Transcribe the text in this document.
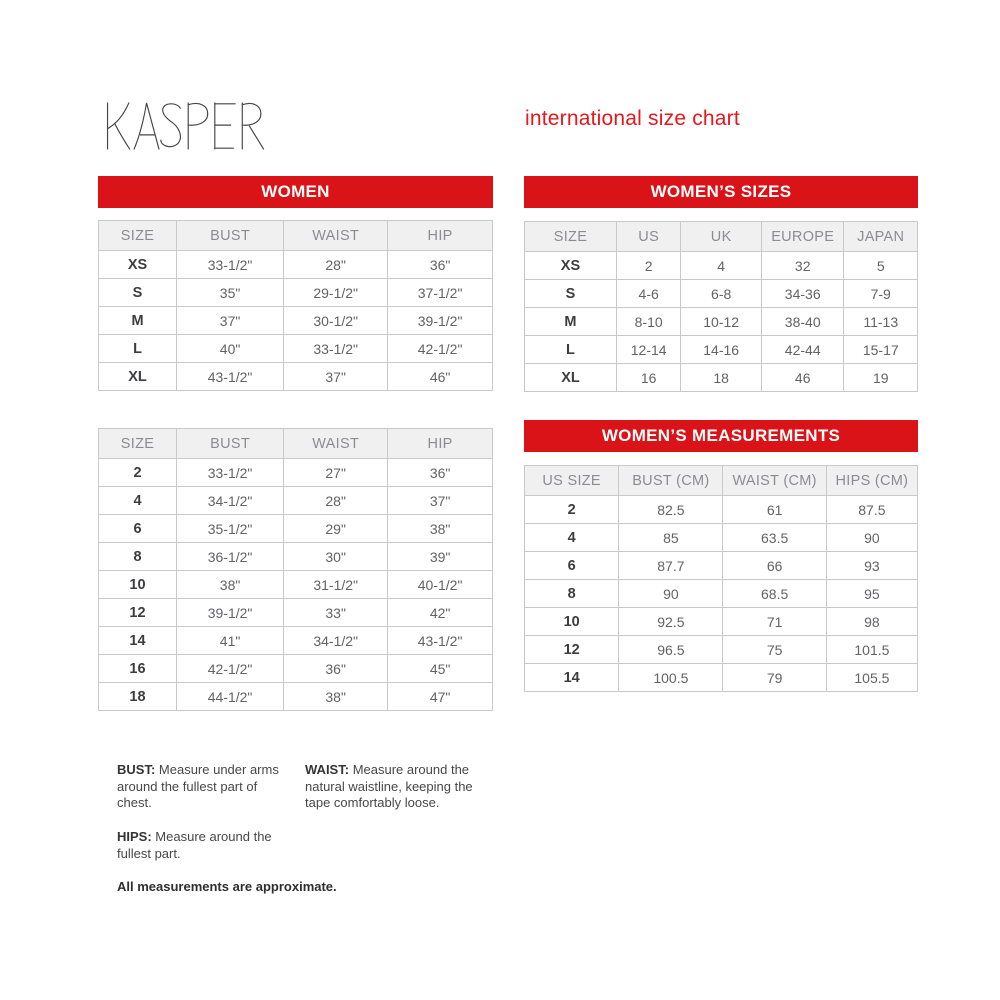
international size chart
WOMEN
SIZE	BUST	WAIST	HIP
XS	33-1/2"	28"	36"
S	35"	29-1/2"	37-1/2"
M	37"	30-1/2"	39-1/2"
L	40"	33-1/2"	42-1/2"
XL	43-1/2"	37"	46"
SIZE	BUST	WAIST	HIP
2	33-1/2"	27"	36"
4	34-1/2"	28"	37"
6	35-1/2"	29"	38"
8	36-1/2"	30"	39"
10	38"	31-1/2"	40-1/2"
12	39-1/2"	33"	42"
14	41"	34-1/2"	43-1/2"
16	42-1/2"	36"	45"
18	44-1/2"	38"	47"
WOMEN’S SIZES
SIZE	US	UK	EUROPE	JAPAN
XS	2	4	32	5
S	4-6	6-8	34-36	7-9
M	8-10	10-12	38-40	11-13
L	12-14	14-16	42-44	15-17
XL	16	18	46	19
WOMEN’S MEASUREMENTS
US SIZE	BUST (CM)	WAIST (CM)	HIPS (CM)
2	82.5	61	87.5
4	85	63.5	90
6	87.7	66	93
8	90	68.5	95
10	92.5	71	98
12	96.5	75	101.5
14	100.5	79	105.5

BUST: Measure under arms around the fullest part of chest.

WAIST: Measure around the natural waistline, keeping the tape comfortably loose.

HIPS: Measure around the fullest part.

All measurements are approximate.
